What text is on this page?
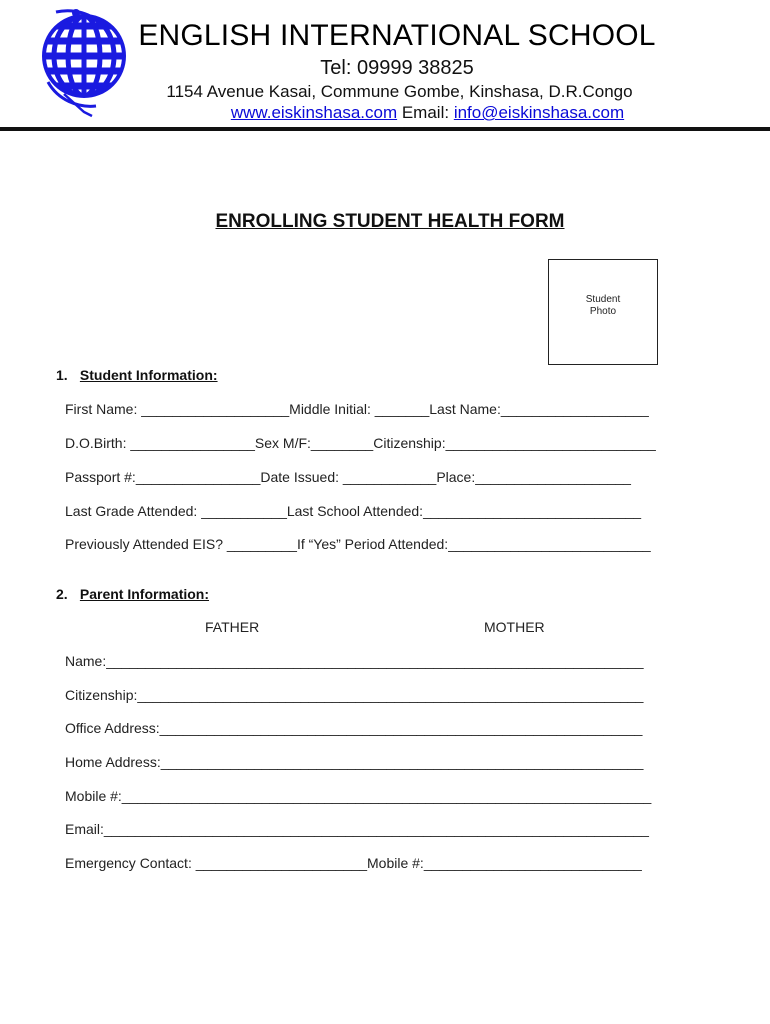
ENGLISH INTERNATIONAL SCHOOL
Tel: 09999 38825
1154 Avenue Kasai, Commune Gombe, Kinshasa, D.R.Congo
www.eiskinshasa.com Email: info@eiskinshasa.com
ENROLLING STUDENT HEALTH FORM
Student
Photo
1. Student Information:
First Name: ___________________Middle Initial: _______Last Name:___________________
D.O.Birth: ________________Sex M/F:________Citizenship:___________________________
Passport #:________________Date Issued: ____________Place:____________________
Last Grade Attended: ___________Last School Attended:____________________________
Previously Attended EIS? _________If “Yes” Period Attended:__________________________
2. Parent Information:
FATHER	MOTHER
Name:_____________________________________________________________________
Citizenship:_________________________________________________________________
Office Address:______________________________________________________________
Home Address:______________________________________________________________
Mobile #:____________________________________________________________________
Email:______________________________________________________________________
Emergency Contact: ______________________Mobile #:____________________________
